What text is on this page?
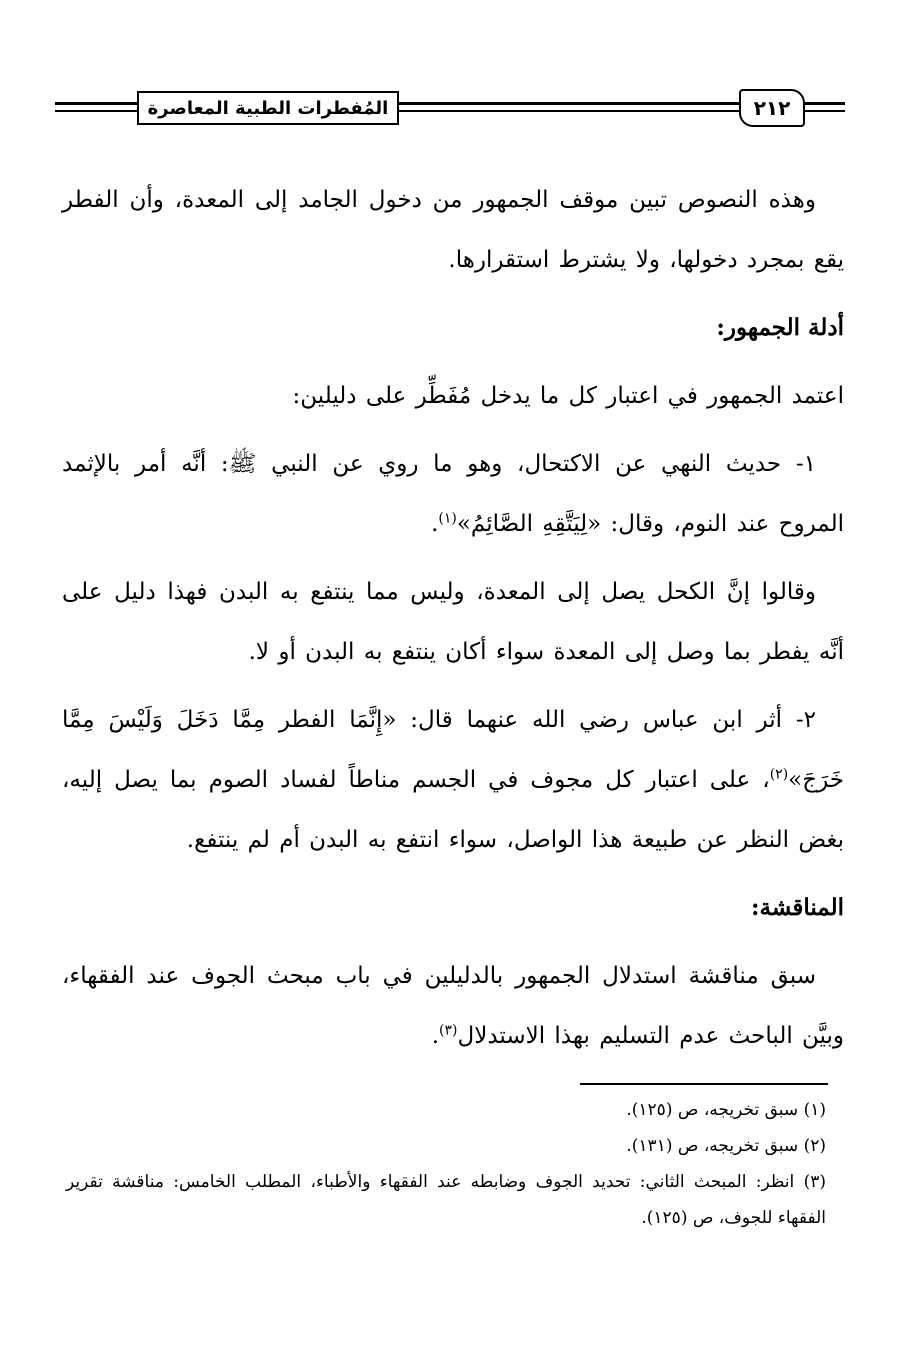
المُفطرات الطبية المعاصرة	٢١٢

وهذه النصوص تبين موقف الجمهور من دخول الجامد إلى المعدة، وأن الفطر يقع بمجرد دخولها، ولا يشترط استقرارها.

أدلة الجمهور:

اعتمد الجمهور في اعتبار كل ما يدخل مُفَطِّر على دليلين:

١- حديث النهي عن الاكتحال، وهو ما روي عن النبي ﷺ: أنَّه أمر بالإثمد المروح عند النوم، وقال: «لِيَتَّقِهِ الصَّائِمُ»$^{(١)}$.

وقالوا إنَّ الكحل يصل إلى المعدة، وليس مما ينتفع به البدن فهذا دليل على أنَّه يفطر بما وصل إلى المعدة سواء أكان ينتفع به البدن أو لا.

٢- أثر ابن عباس رضي الله عنهما قال: «إِنَّمَا الفطر مِمَّا دَخَلَ وَلَيْسَ مِمَّا خَرَجَ»$^{(٢)}$، على اعتبار كل مجوف في الجسم مناطاً لفساد الصوم بما يصل إليه، بغض النظر عن طبيعة هذا الواصل، سواء انتفع به البدن أم لم ينتفع.

المناقشة:

سبق مناقشة استدلال الجمهور بالدليلين في باب مبحث الجوف عند الفقهاء، وبيَّن الباحث عدم التسليم بهذا الاستدلال$^{(٣)}$.

(١) سبق تخريجه، ص (١٢٥).

(٢) سبق تخريجه، ص (١٣١).

(٣) انظر: المبحث الثاني: تحديد الجوف وضابطه عند الفقهاء والأطباء، المطلب الخامس: مناقشة تقرير الفقهاء للجوف، ص (١٢٥).
